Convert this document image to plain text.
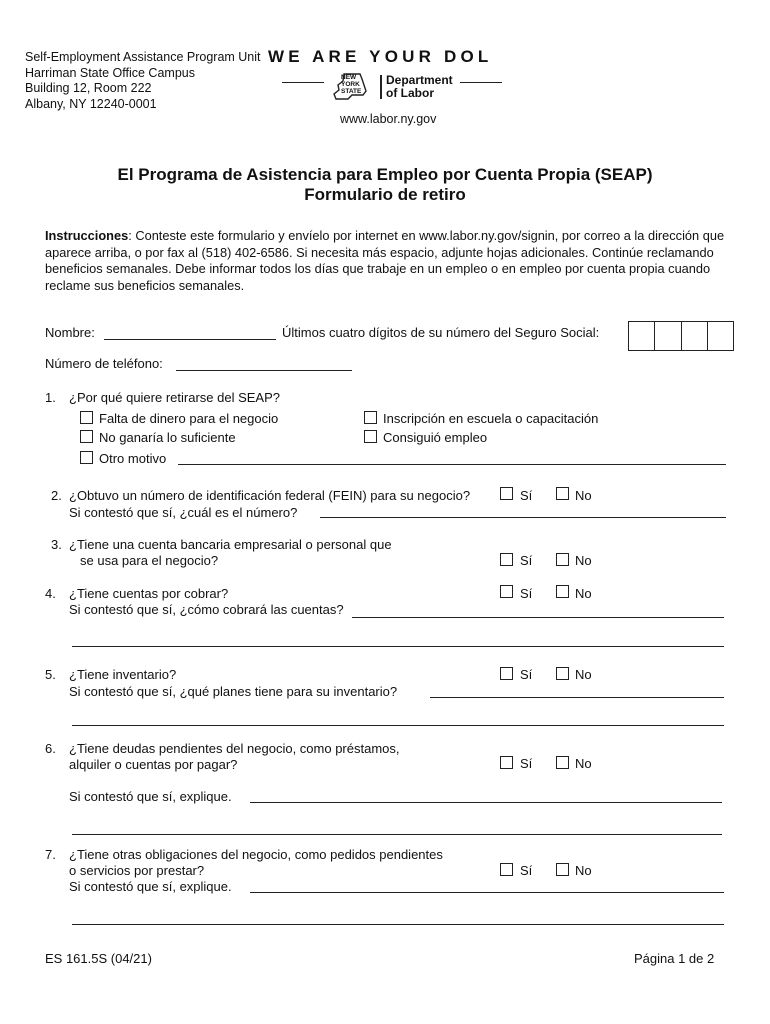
Self-Employment Assistance Program Unit
Harriman State Office Campus
Building 12, Room 222
Albany, NY 12240-0001
WE ARE YOUR DOL
NEW
YORK
STATE
Department
of Labor
www.labor.ny.gov
El Programa de Asistencia para Empleo por Cuenta Propia (SEAP)
Formulario de retiro
Instrucciones: Conteste este formulario y envíelo por internet en www.labor.ny.gov/signin, por correo a la dirección que aparece arriba, o por fax al (518) 402-6586. Si necesita más espacio, adjunte hojas adicionales. Continúe reclamando beneficios semanales. Debe informar todos los días que trabaje en un empleo o en empleo por cuenta propia cuando reclame sus beneficios semanales.
Nombre:	Últimos cuatro dígitos de su número del Seguro Social:
Número de teléfono:
1. ¿Por qué quiere retirarse del SEAP?
Falta de dinero para el negocio
No ganaría lo suficiente
Otro motivo
Inscripción en escuela o capacitación
Consiguió empleo
2. ¿Obtuvo un número de identificación federal (FEIN) para su negocio?	Sí	No
Si contestó que sí, ¿cuál es el número?
3. ¿Tiene una cuenta bancaria empresarial o personal que
se usa para el negocio?	Sí	No
4. ¿Tiene cuentas por cobrar?	Sí	No
Si contestó que sí, ¿cómo cobrará las cuentas?
5. ¿Tiene inventario?	Sí	No
Si contestó que sí, ¿qué planes tiene para su inventario?
6. ¿Tiene deudas pendientes del negocio, como préstamos,
alquiler o cuentas por pagar?	Sí	No
Si contestó que sí, explique.
7. ¿Tiene otras obligaciones del negocio, como pedidos pendientes
o servicios por prestar?	Sí	No
Si contestó que sí, explique.
ES 161.5S (04/21)	Página 1 de 2
